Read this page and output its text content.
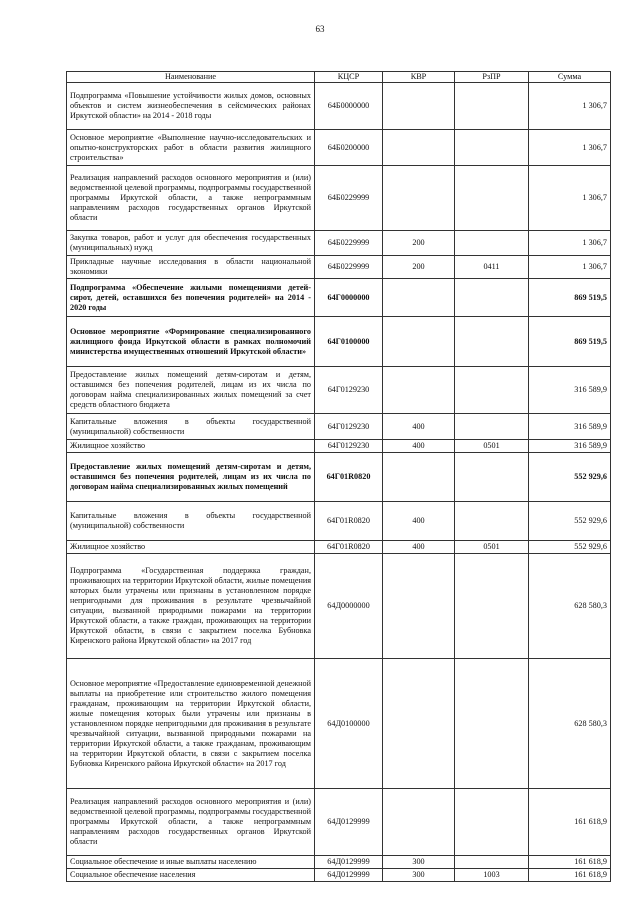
63
Наименование	КЦСР	КВР	РзПР	Сумма
Подпрограмма «Повышение устойчивости жилых домов, основных объектов и систем жизнеобеспечения в сейсмических районах Иркутской области» на 2014 - 2018 годы	64Б0000000			1 306,7
Основное мероприятие «Выполнение научно-исследовательских и опытно-конструкторских работ в области развития жилищного строительства»	64Б0200000			1 306,7
Реализация направлений расходов основного мероприятия и (или) ведомственной целевой программы, подпрограммы государственной программы Иркутской области, а также непрограммным направлениям расходов государственных органов Иркутской области	64Б0229999			1 306,7
Закупка товаров, работ и услуг для обеспечения государственных (муниципальных) нужд	64Б0229999	200		1 306,7
Прикладные научные исследования в области национальной экономики	64Б0229999	200	0411	1 306,7
Подпрограмма «Обеспечение жилыми помещениями детей-сирот, детей, оставшихся без попечения родителей» на 2014 - 2020 годы	64Г0000000			869 519,5
Основное мероприятие «Формирование специализированного жилищного фонда Иркутской области в рамках полномочий министерства имущественных отношений Иркутской области»	64Г0100000			869 519,5
Предоставление жилых помещений детям-сиротам и детям, оставшимся без попечения родителей, лицам из их числа по договорам найма специализированных жилых помещений за счет средств областного бюджета	64Г0129230			316 589,9
Капитальные вложения в объекты государственной (муниципальной) собственности	64Г0129230	400		316 589,9
Жилищное хозяйство	64Г0129230	400	0501	316 589,9
Предоставление жилых помещений детям-сиротам и детям, оставшимся без попечения родителей, лицам из их числа по договорам найма специализированных жилых помещений	64Г01R0820			552 929,6
Капитальные вложения в объекты государственной (муниципальной) собственности	64Г01R0820	400		552 929,6
Жилищное хозяйство	64Г01R0820	400	0501	552 929,6
Подпрограмма «Государственная поддержка граждан, проживающих на территории Иркутской области, жилые помещения которых были утрачены или признаны в установленном порядке непригодными для проживания в результате чрезвычайной ситуации, вызванной природными пожарами на территории Иркутской области, а также граждан, проживающих на территории Иркутской области, в связи с закрытием поселка Бубновка Киренского района Иркутской области» на 2017 год	64Д0000000			628 580,3
Основное мероприятие «Предоставление единовременной денежной выплаты на приобретение или строительство жилого помещения гражданам, проживающим на территории Иркутской области, жилые помещения которых были утрачены или признаны в установленном порядке непригодными для проживания в результате чрезвычайной ситуации, вызванной природными пожарами на территории Иркутской области, а также гражданам, проживающим на территории Иркутской области, в связи с закрытием поселка Бубновка Киренского района Иркутской области» на 2017 год	64Д0100000			628 580,3
Реализация направлений расходов основного мероприятия и (или) ведомственной целевой программы, подпрограммы государственной программы Иркутской области, а также непрограммным направлениям расходов государственных органов Иркутской области	64Д0129999			161 618,9
Социальное обеспечение и иные выплаты населению	64Д0129999	300		161 618,9
Социальное обеспечение населения	64Д0129999	300	1003	161 618,9
